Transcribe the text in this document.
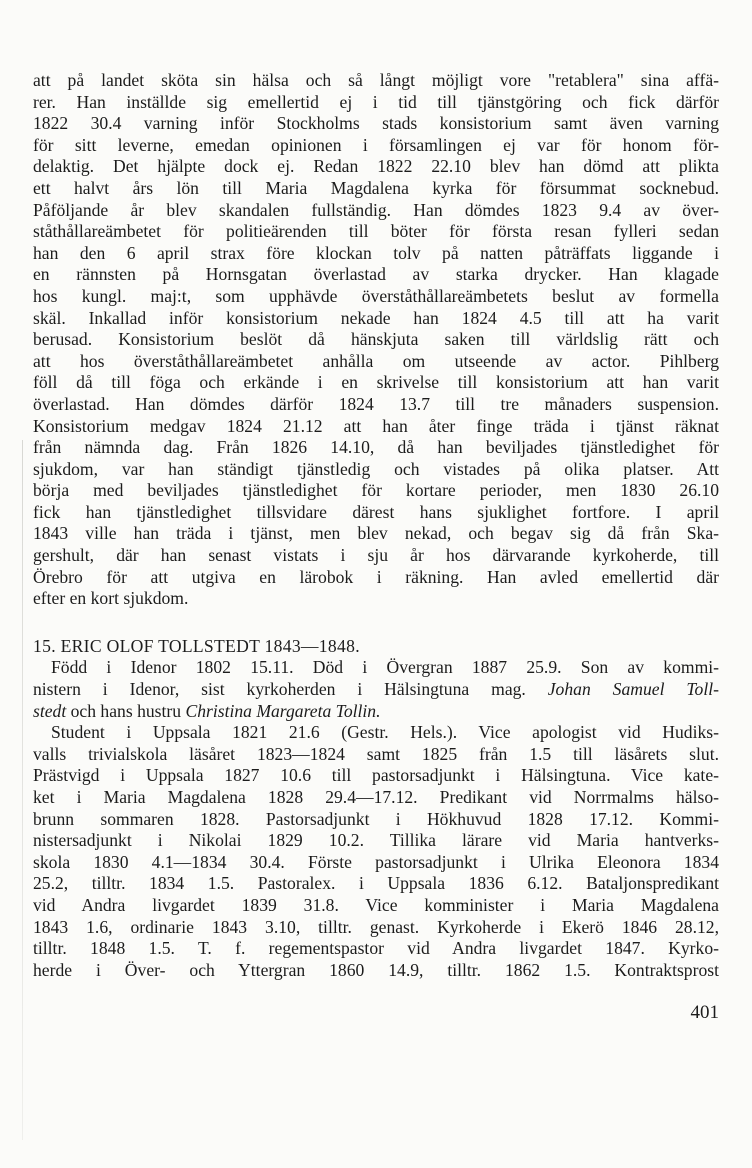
att på landet sköta sin hälsa och så långt möjligt vore "retablera" sina affä-

rer. Han inställde sig emellertid ej i tid till tjänstgöring och fick därför

1822 30.4 varning inför Stockholms stads konsistorium samt även varning

för sitt leverne, emedan opinionen i församlingen ej var för honom för-

delaktig. Det hjälpte dock ej. Redan 1822 22.10 blev han dömd att plikta

ett halvt års lön till Maria Magdalena kyrka för försummat socknebud.

Påföljande år blev skandalen fullständig. Han dömdes 1823 9.4 av över-

ståthållareämbetet för politieärenden till böter för första resan fylleri sedan

han den 6 april strax före klockan tolv på natten påträffats liggande i

en rännsten på Hornsgatan överlastad av starka drycker. Han klagade

hos kungl. maj:t, som upphävde överståthållareämbetets beslut av formella

skäl. Inkallad inför konsistorium nekade han 1824 4.5 till att ha varit

berusad. Konsistorium beslöt då hänskjuta saken till världslig rätt och

att hos överståthållareämbetet anhålla om utseende av actor. Pihlberg

föll då till föga och erkände i en skrivelse till konsistorium att han varit

överlastad. Han dömdes därför 1824 13.7 till tre månaders suspension.

Konsistorium medgav 1824 21.12 att han åter finge träda i tjänst räknat

från nämnda dag. Från 1826 14.10, då han beviljades tjänstledighet för

sjukdom, var han ständigt tjänstledig och vistades på olika platser. Att

börja med beviljades tjänstledighet för kortare perioder, men 1830 26.10

fick han tjänstledighet tillsvidare därest hans sjuklighet fortfore. I april

1843 ville han träda i tjänst, men blev nekad, och begav sig då från Ska-

gershult, där han senast vistats i sju år hos därvarande kyrkoherde, till

Örebro för att utgiva en lärobok i räkning. Han avled emellertid där

efter en kort sjukdom.

15. ERIC OLOF TOLLSTEDT 1843—1848.

Född i Idenor 1802 15.11. Död i Övergran 1887 25.9. Son av kommi-

nistern i Idenor, sist kyrkoherden i Hälsingtuna mag. Johan Samuel Toll-

stedt och hans hustru Christina Margareta Tollin.

Student i Uppsala 1821 21.6 (Gestr. Hels.). Vice apologist vid Hudiks-

valls trivialskola läsåret 1823—1824 samt 1825 från 1.5 till läsårets slut.

Prästvigd i Uppsala 1827 10.6 till pastorsadjunkt i Hälsingtuna. Vice kate-

ket i Maria Magdalena 1828 29.4—17.12. Predikant vid Norrmalms hälso-

brunn sommaren 1828. Pastorsadjunkt i Hökhuvud 1828 17.12. Kommi-

nistersadjunkt i Nikolai 1829 10.2. Tillika lärare vid Maria hantverks-

skola 1830 4.1—1834 30.4. Förste pastorsadjunkt i Ulrika Eleonora 1834

25.2, tilltr. 1834 1.5. Pastoralex. i Uppsala 1836 6.12. Bataljonspredikant

vid Andra livgardet 1839 31.8. Vice komminister i Maria Magdalena

1843 1.6, ordinarie 1843 3.10, tilltr. genast. Kyrkoherde i Ekerö 1846 28.12,

tilltr. 1848 1.5. T. f. regementspastor vid Andra livgardet 1847. Kyrko-

herde i Över- och Yttergran 1860 14.9, tilltr. 1862 1.5. Kontraktsprost

401
